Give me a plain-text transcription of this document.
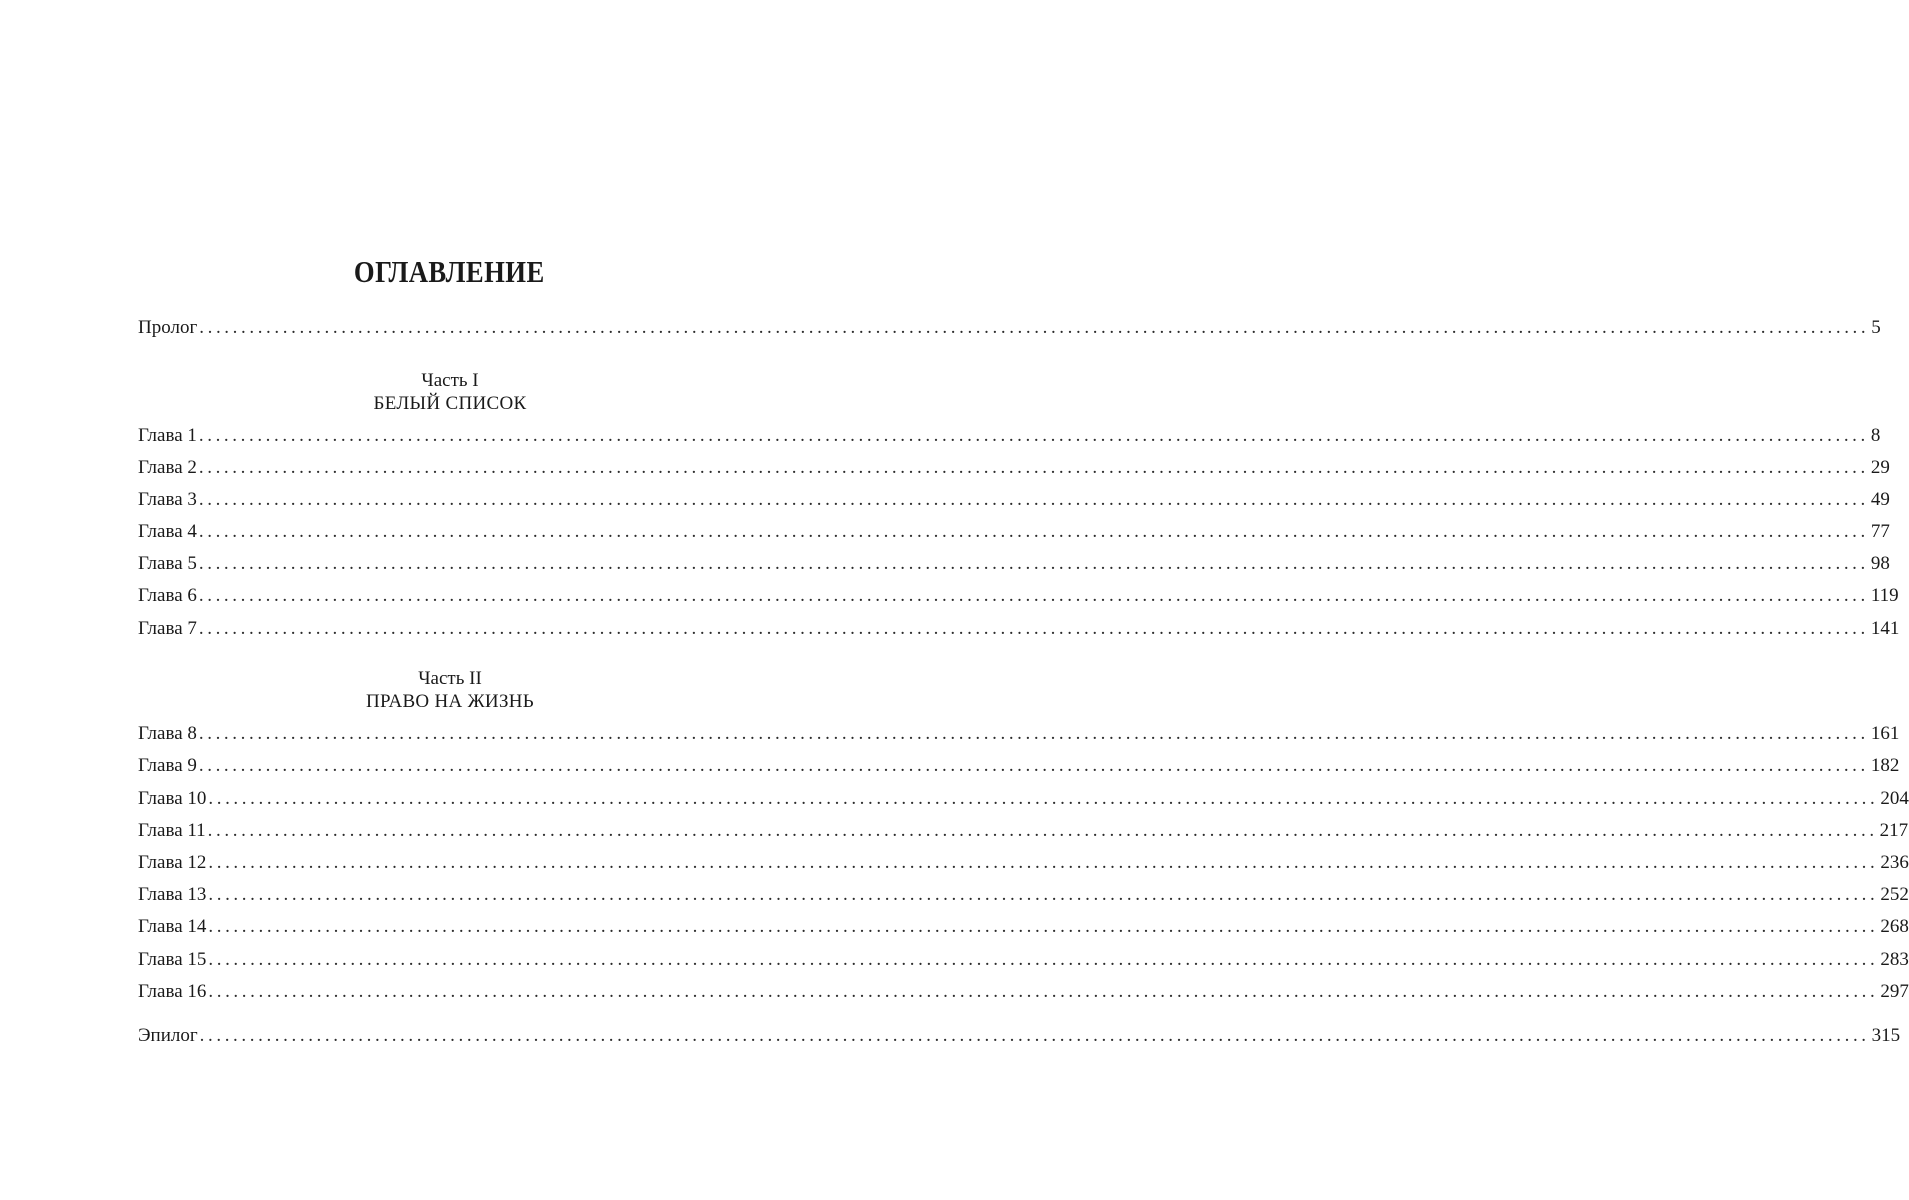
ОГЛАВЛЕНИЕ
Пролог ........................................................................................................................................................................................................ 5
Часть I
БЕЛЫЙ СПИСОК
Глава 1 ........................................................................................................................................................................................................ 8
Глава 2 ........................................................................................................................................................................................................ 29
Глава 3 ........................................................................................................................................................................................................ 49
Глава 4 ........................................................................................................................................................................................................ 77
Глава 5 ........................................................................................................................................................................................................ 98
Глава 6 ........................................................................................................................................................................................................ 119
Глава 7 ........................................................................................................................................................................................................ 141
Часть II
ПРАВО НА ЖИЗНЬ
Глава 8 ........................................................................................................................................................................................................ 161
Глава 9 ........................................................................................................................................................................................................ 182
Глава 10 ........................................................................................................................................................................................................ 204
Глава 11 ........................................................................................................................................................................................................ 217
Глава 12 ........................................................................................................................................................................................................ 236
Глава 13 ........................................................................................................................................................................................................ 252
Глава 14 ........................................................................................................................................................................................................ 268
Глава 15 ........................................................................................................................................................................................................ 283
Глава 16 ........................................................................................................................................................................................................ 297
Эпилог ........................................................................................................................................................................................................ 315
